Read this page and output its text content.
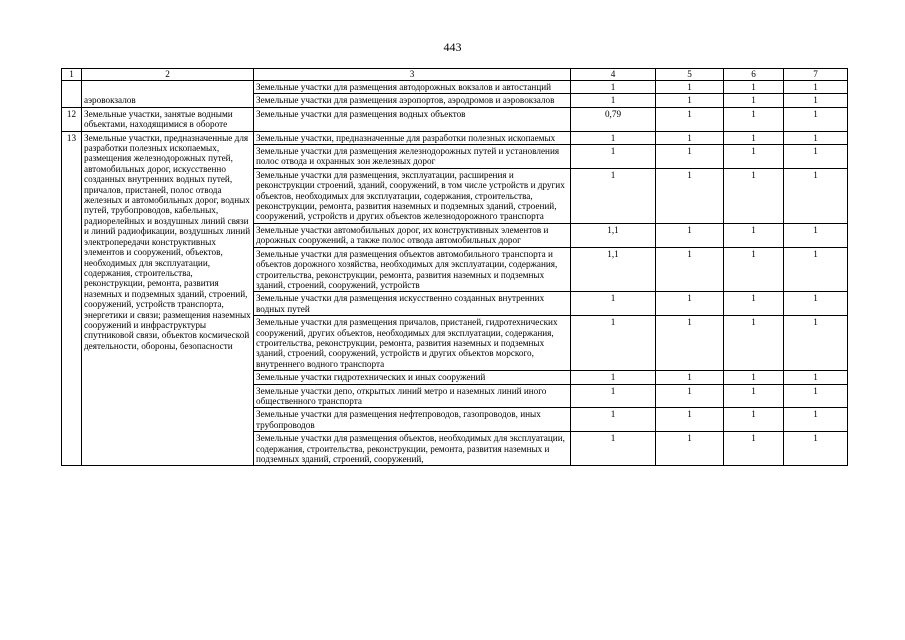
443
1	2	3	4	5	6	7
	аэровокзалов	Земельные участки для размещения автодорожных вокзалов и автостанций	1	1	1	1
		Земельные участки для размещения аэропортов, аэродромов и аэровокзалов	1	1	1	1
12	Земельные участки, занятые водными объектами, находящимися в обороте	Земельные участки для размещения водных объектов	0,79	1	1	1
13	Земельные участки, предназначенные для разработки полезных ископаемых, размещения железнодорожных путей, автомобильных дорог, искусственно созданных внутренних водных путей, причалов, пристаней, полос отвода железных и автомобильных дорог, водных путей, трубопроводов, кабельных, радиорелейных и воздушных линий связи и линий радиофикации, воздушных линий электропередачи конструктивных элементов и сооружений, объектов, необходимых для эксплуатации, содержания, строительства, реконструкции, ремонта, развития наземных и подземных зданий, строений, сооружений, устройств транспорта, энергетики и связи; размещения наземных сооружений и инфраструктуры спутниковой связи, объектов космической деятельности, обороны, безопасности	Земельные участки, предназначенные для разработки полезных ископаемых	1	1	1	1
		Земельные участки для размещения железнодорожных путей и установления полос отвода и охранных зон железных дорог	1	1	1	1
		Земельные участки для размещения, эксплуатации, расширения и реконструкции строений, зданий, сооружений, в том числе устройств и других объектов, необходимых для эксплуатации, содержания, строительства, реконструкции, ремонта, развития наземных и подземных зданий, строений, сооружений, устройств и других объектов железнодорожного транспорта	1	1	1	1
		Земельные участки автомобильных дорог, их конструктивных элементов и дорожных сооружений, а также полос отвода автомобильных дорог	1,1	1	1	1
		Земельные участки для размещения объектов автомобильного транспорта и объектов дорожного хозяйства, необходимых для эксплуатации, содержания, строительства, реконструкции, ремонта, развития наземных и подземных зданий, строений, сооружений, устройств	1,1	1	1	1
		Земельные участки для размещения искусственно созданных внутренних водных путей	1	1	1	1
		Земельные участки для размещения причалов, пристаней, гидротехнических сооружений, других объектов, необходимых для эксплуатации, содержания, строительства, реконструкции, ремонта, развития наземных и подземных зданий, строений, сооружений, устройств и других объектов морского, внутреннего водного транспорта	1	1	1	1
		Земельные участки гидротехнических и иных сооружений	1	1	1	1
		Земельные участки депо, открытых линий метро и наземных линий иного общественного транспорта	1	1	1	1
		Земельные участки для размещения нефтепроводов, газопроводов, иных трубопроводов	1	1	1	1
		Земельные участки для размещения объектов, необходимых для эксплуатации, содержания, строительства, реконструкции, ремонта, развития наземных и подземных зданий, строений, сооружений,	1	1	1	1
